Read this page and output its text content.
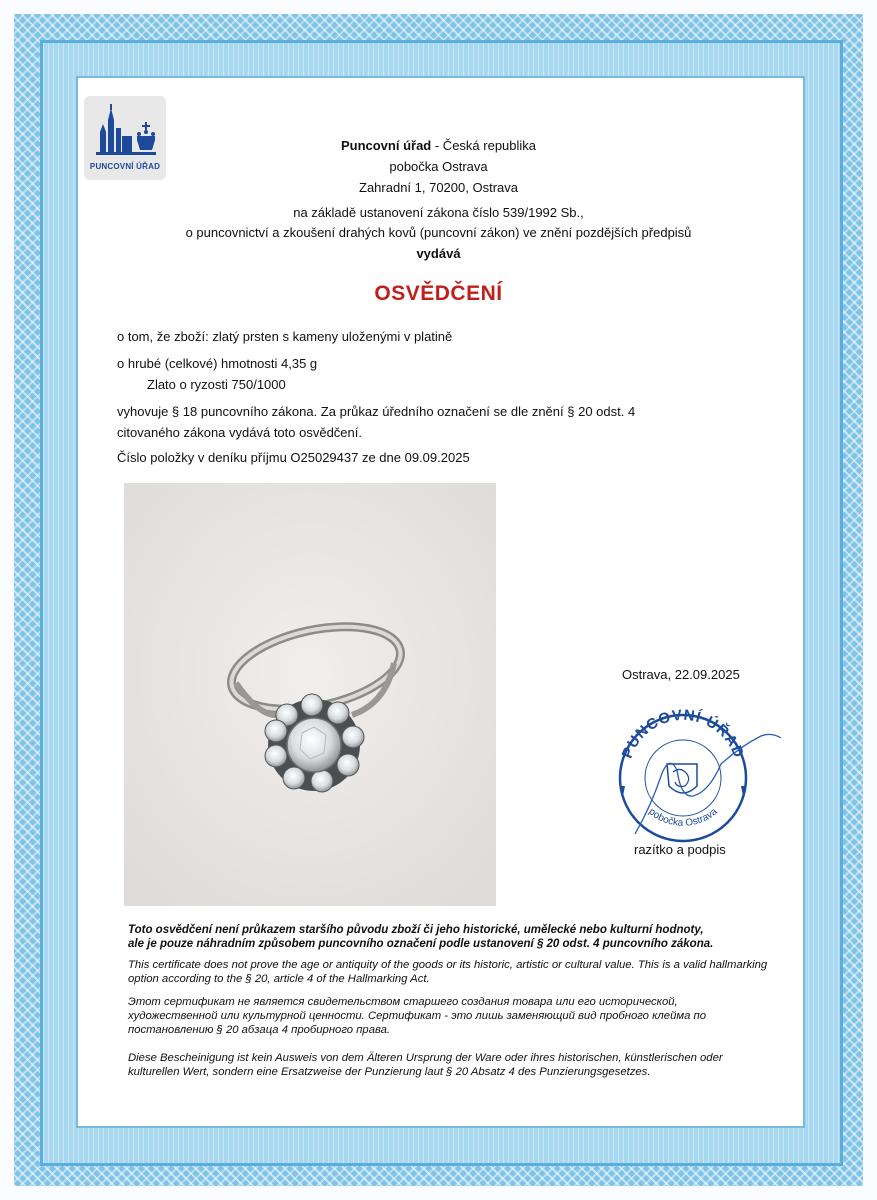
PUNCOVNÍ ÚŘAD
Puncovní úřad - Česká republika
pobočka Ostrava
Zahradní 1, 70200, Ostrava
na základě ustanovení zákona číslo 539/1992 Sb.,
o puncovnictví a zkoušení drahých kovů (puncovní zákon) ve znění pozdějších předpisů
vydává
OSVĚDČENÍ
o tom, že zboží: zlatý prsten s kameny uloženými v platině
o hrubé (celkové) hmotnosti 4,35 g
Zlato o ryzosti 750/1000
vyhovuje § 18 puncovního zákona. Za průkaz úředního označení se dle znění § 20 odst. 4
citovaného zákona vydává toto osvědčení.
Číslo položky v deníku příjmu O25029437 ze dne 09.09.2025
Ostrava, 22.09.2025
PUNCOVNÍ ÚŘAD
pobočka Ostrava
razítko a podpis
Toto osvědčení není průkazem staršího původu zboží či jeho historické, umělecké nebo kulturní hodnoty,
ale je pouze náhradním způsobem puncovního označení podle ustanovení § 20 odst. 4 puncovního zákona.
This certificate does not prove the age or antiquity of the goods or its historic, artistic or cultural value. This is a valid hallmarking option according to the § 20, article 4 of the Hallmarking Act.
Этот сертификат не является свидетельством старшего создания товара или его исторической, художественной или культурной ценности. Сертификат - это лишь заменяющий вид пробного клейма по постановлению § 20 абзаца 4 пробирного права.
Diese Bescheinigung ist kein Ausweis von dem Älteren Ursprung der Ware oder ihres historischen, künstlerischen oder kulturellen Wert, sondern eine Ersatzweise der Punzierung laut § 20 Absatz 4 des Punzierungsgesetzes.
